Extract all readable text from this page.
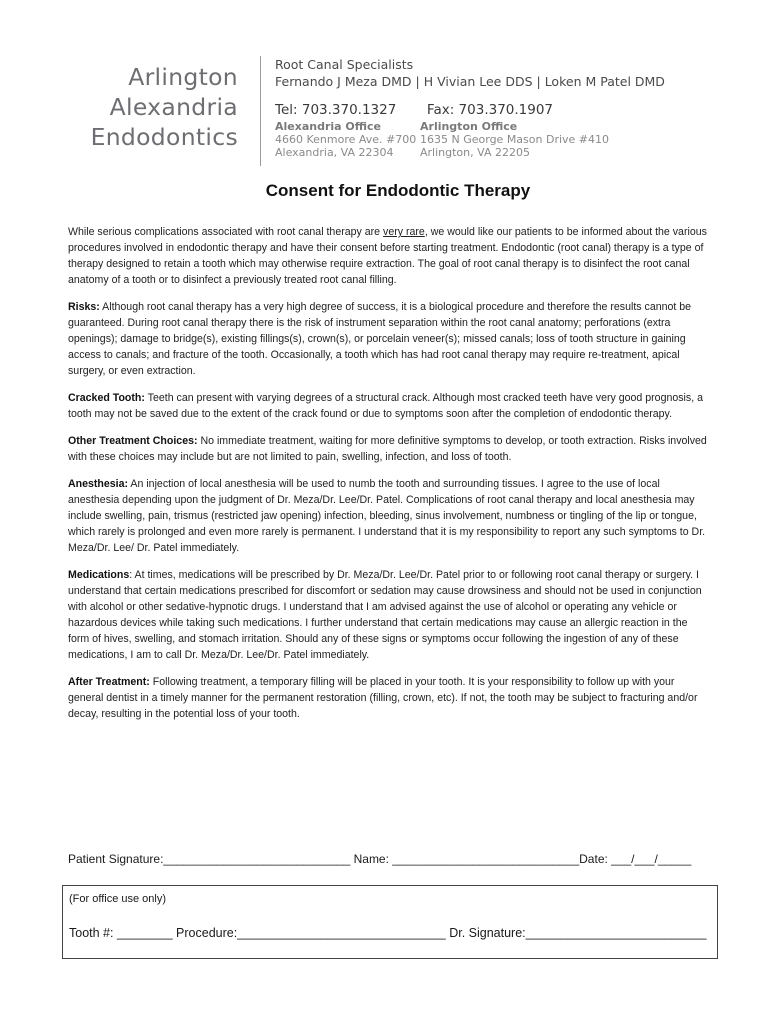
Arlington
Alexandria
Endodontics
Root Canal Specialists
Fernando J Meza DMD | H Vivian Lee DDS | Loken M Patel DMD
Tel: 703.370.1327 Fax: 703.370.1907
Alexandria Office
4660 Kenmore Ave. #700
Alexandria, VA 22304
Arlington Office
1635 N George Mason Drive #410
Arlington, VA 22205
Consent for Endodontic Therapy

While serious complications associated with root canal therapy are very rare, we would like our patients to be informed about the various procedures involved in endodontic therapy and have their consent before starting treatment. Endodontic (root canal) therapy is a type of therapy designed to retain a tooth which may otherwise require extraction. The goal of root canal therapy is to disinfect the root canal anatomy of a tooth or to disinfect a previously treated root canal filling.

Risks: Although root canal therapy has a very high degree of success, it is a biological procedure and therefore the results cannot be guaranteed. During root canal therapy there is the risk of instrument separation within the root canal anatomy; perforations (extra openings); damage to bridge(s), existing fillings(s), crown(s), or porcelain veneer(s); missed canals; loss of tooth structure in gaining access to canals; and fracture of the tooth. Occasionally, a tooth which has had root canal therapy may require re-treatment, apical surgery, or even extraction.

Cracked Tooth: Teeth can present with varying degrees of a structural crack. Although most cracked teeth have very good prognosis, a tooth may not be saved due to the extent of the crack found or due to symptoms soon after the completion of endodontic therapy.

Other Treatment Choices: No immediate treatment, waiting for more definitive symptoms to develop, or tooth extraction. Risks involved with these choices may include but are not limited to pain, swelling, infection, and loss of tooth.

Anesthesia: An injection of local anesthesia will be used to numb the tooth and surrounding tissues. I agree to the use of local anesthesia depending upon the judgment of Dr. Meza/Dr. Lee/Dr. Patel. Complications of root canal therapy and local anesthesia may include swelling, pain, trismus (restricted jaw opening) infection, bleeding, sinus involvement, numbness or tingling of the lip or tongue, which rarely is prolonged and even more rarely is permanent. I understand that it is my responsibility to report any such symptoms to Dr. Meza/Dr. Lee/ Dr. Patel immediately.

Medications: At times, medications will be prescribed by Dr. Meza/Dr. Lee/Dr. Patel prior to or following root canal therapy or surgery. I understand that certain medications prescribed for discomfort or sedation may cause drowsiness and should not be used in conjunction with alcohol or other sedative-hypnotic drugs. I understand that I am advised against the use of alcohol or operating any vehicle or hazardous devices while taking such medications. I further understand that certain medications may cause an allergic reaction in the form of hives, swelling, and stomach irritation. Should any of these signs or symptoms occur following the ingestion of any of these medications, I am to call Dr. Meza/Dr. Lee/Dr. Patel immediately.

After Treatment: Following treatment, a temporary filling will be placed in your tooth. It is your responsibility to follow up with your general dentist in a timely manner for the permanent restoration (filling, crown, etc). If not, the tooth may be subject to fracturing and/or decay, resulting in the potential loss of your tooth.

Patient Signature:____________________________ Name: ____________________________Date: ___/___/_____
(For office use only)
Tooth #: ________ Procedure:______________________________ Dr. Signature:__________________________
